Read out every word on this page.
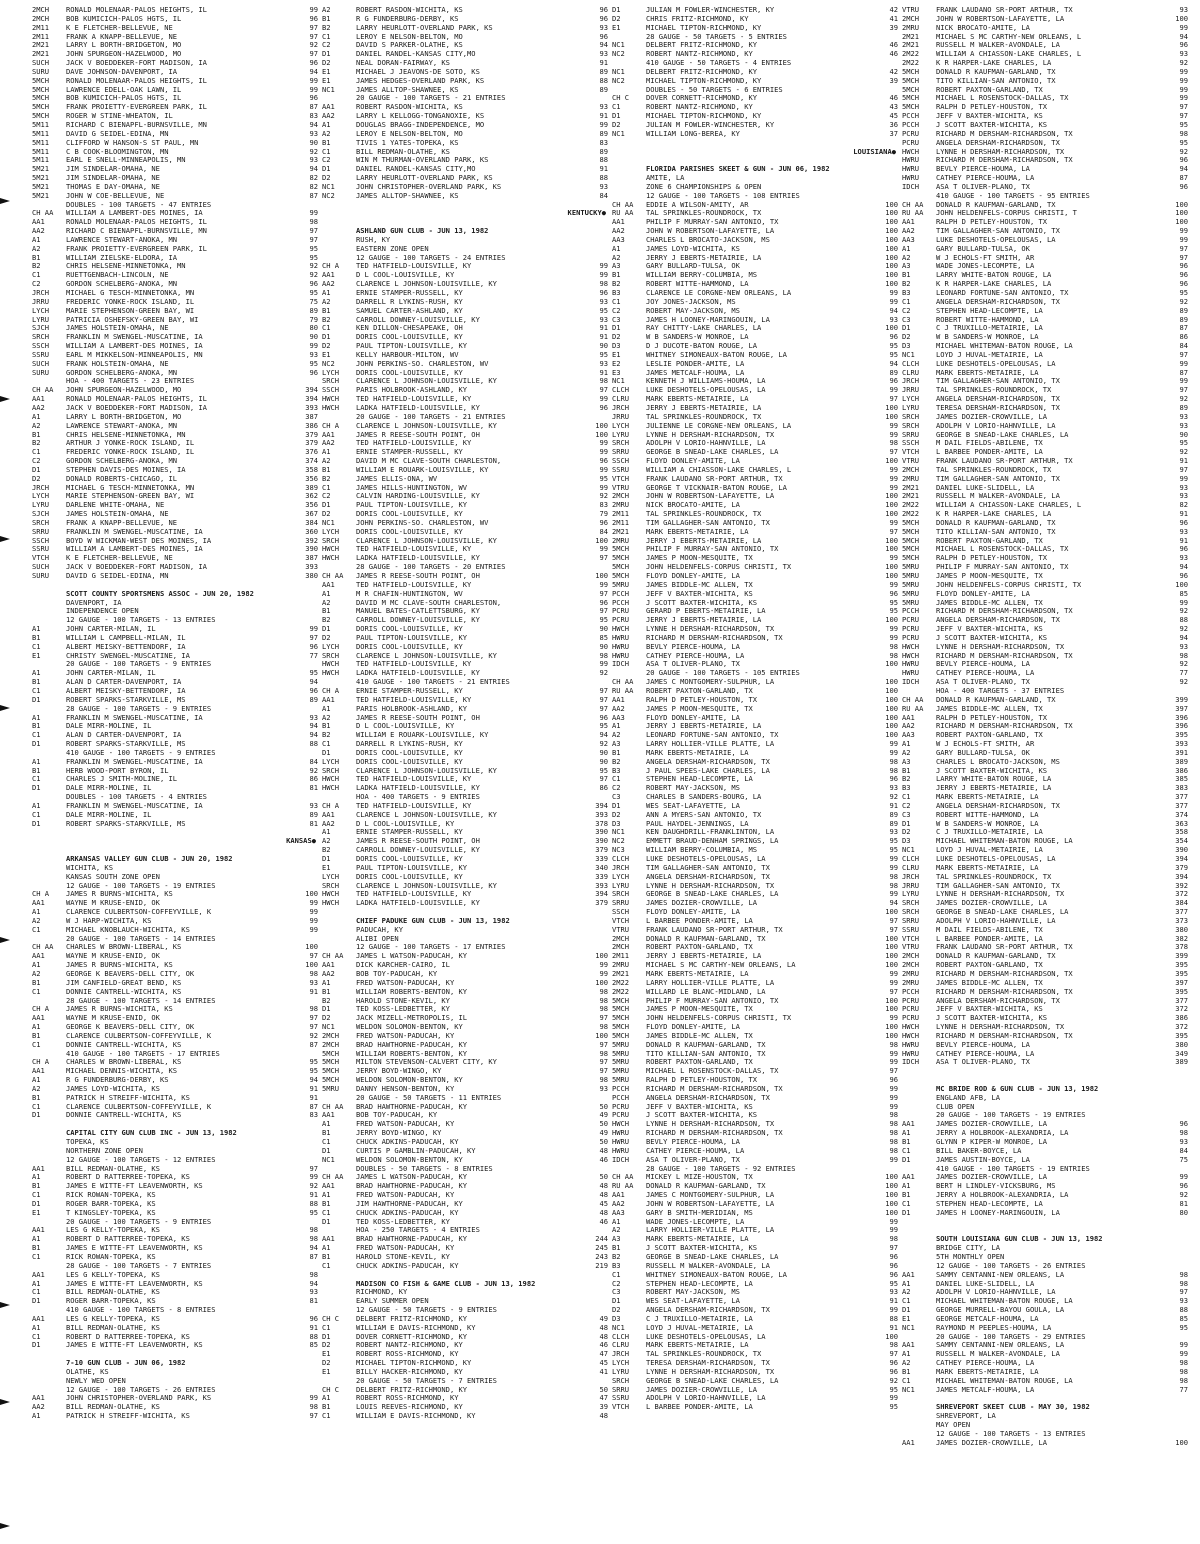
2MCH	RONALD MOLENAAR-PALOS HEIGHTS, IL	99
2MCH	BOB KUMICICH-PALOS HGTS, IL	96
2M11	K E FLETCHER-BELLEVUE, NE	97
2M11	FRANK A KNAPP-BELLEVUE, NE	97
2M21	LARRY L BORTH-BRIDGETON, MO	92
2M21	JOHN SPURGEON-HAZELWOOD, MO	97
SUCH	JACK V BOEDDEKER-FORT MADISON, IA	96
SURU	DAVE JOHNSON-DAVENPORT, IA	94
5MCH	RONALD MOLENAAR-PALOS HEIGHTS, IL	99
5MCH	LAWRENCE EDELL-OAK LAWN, IL	99
5MCH	BOB KUMICICH-PALOS HGTS, IL	96
5MCH	FRANK PROIETTY-EVERGREEN PARK, IL	87
5MCH	ROGER W STINE-WHEATON, IL	83
5M11	RICHARD C BIENAPFL-BURNSVILLE, MN	94
5M11	DAVID G SEIDEL-EDINA, MN	93
5M11	CLIFFORD W HANSON-S ST PAUL, MN	90
5M11	C B COOK-BLOOMINGTON, MN	92
5M11	EARL E SNELL-MINNEAPOLIS, MN	93
5M21	JIM SINDELAR-OMAHA, NE	94
5M21	JIM SINDELAR-OMAHA, NE	82
5M21	THOMAS E DAY-OMAHA, NE	82
5M21	JOHN W COE-BELLEVUE, NE	87
DOUBLES - 100 TARGETS - 47 ENTRIES
CH AA	WILLIAM A LAMBERT-DES MOINES, IA	99
AA1	RONALD MOLENAAR-PALOS HEIGHTS, IL	98
AA2	RICHARD C BIENAPFL-BURNSVILLE, MN	97
A1	LAWRENCE STEWART-ANOKA, MN	97
A2	FRANK PROIETTY-EVERGREEN PARK, IL	95
B1	WILLIAM ZIELSKE-ELDORA, IA	95
B2	CHRIS HELSENE-MINNETONKA, MN	92
C1	RUETTGENBACH-LINCOLN, NE	92
C2	GORDON SCHELBERG-ANOKA, MN	96
JRCH	MICHAEL G TESCH-MINNETONKA, MN	95
JRRU	FREDERIC YONKE-ROCK ISLAND, IL	75
LYCH	MARIE STEPHENSON-GREEN BAY, WI	89
LYRU	PATRICIA OSHEFSKY-GREEN BAY, WI	79
SJCH	JAMES HOLSTEIN-OMAHA, NE	80
SRCH	FRANKLIN M SWENGEL-MUSCATINE, IA	90
SSCH	WILLIAM A LAMBERT-DES MOINES, IA	99
SSRU	EARL M MIKKELSON-MINNEAPOLIS, MN	93
SUCH	FRANK HOLSTEIN-OMAHA, NE	95
SURU	GORDON SCHELBERG-ANOKA, MN	96
HOA - 400 TARGETS - 23 ENTRIES
CH AA	JOHN SPURGEON-HAZELWOOD, MO	394
AA1	RONALD MOLENAAR-PALOS HEIGHTS, IL	394
AA2	JACK V BOEDDEKER-FORT MADISON, IA	393
A1	LARRY L BORTH-BRIDGETON, MO	387
A2	LAWRENCE STEWART-ANOKA, MN	386
B1	CHRIS HELSENE-MINNETONKA, MN	379
B2	ARTHUR J YONKE-ROCK ISLAND, IL	379
C1	FREDERIC YONKE-ROCK ISLAND, IL	376
C2	GORDON SCHELBERG-ANOKA, MN	374
D1	STEPHEN DAVIS-DES MOINES, IA	358
D2	DONALD ROBERTS-CHICAGO, IL	356
JRCH	MICHAEL G TESCH-MINNETONKA, MN	389
LYCH	MARIE STEPHENSON-GREEN BAY, WI	362
LYRU	DARLENE WHITE-OMAHA, NE	356
SJCH	JAMES HOLSTEIN-OMAHA, NE	367
SRCH	FRANK A KNAPP-BELLEVUE, NE	384
SRRU	FRANKLIN M SWENGEL-MUSCATINE, IA	360
SSCH	BOYD W WICKMAN-WEST DES MOINES, IA	392
SSRU	WILLIAM A LAMBERT-DES MOINES, IA	390
VTCH	K E FLETCHER-BELLEVUE, NE	387
SUCH	JACK V BOEDDEKER-FORT MADISON, IA	393
SURU	DAVID G SEIDEL-EDINA, MN	380
SCOTT COUNTY SPORTSMENS ASSOC - JUN 20, 1982
DAVENPORT, IA
INDEPENDENCE OPEN
12 GAUGE - 100 TARGETS - 13 ENTRIES
A1	JOHN CARTER-MILAN, IL	99
B1	WILLIAM L CAMPBELL-MILAN, IL	97
C1	ALBERT MEISKY-BETTENDORF, IA	96
E1	CHRISTY SWENGEL-MUSCATINE, IA	77
20 GAUGE - 100 TARGETS - 9 ENTRIES
A1	JOHN CARTER-MILAN, IL	95
B1	ALAN D CARTER-DAVENPORT, IA	94
C1	ALBERT MEISKY-BETTENDORF, IA	96
D1	ROBERT SPARKS-STARKVILLE, MS	89
28 GAUGE - 100 TARGETS - 9 ENTRIES
A1	FRANKLIN M SWENGEL-MUSCATINE, IA	93
B1	DALE MIRR-MOLINE, IL	94
C1	ALAN D CARTER-DAVENPORT, IA	94
D1	ROBERT SPARKS-STARKVILLE, MS	88
410 GAUGE - 100 TARGETS - 9 ENTRIES
A1	FRANKLIN M SWENGEL-MUSCATINE, IA	84
B1	HERB WOOD-PORT BYRON, IL	92
C1	CHARLES J SMITH-MOLINE, IL	86
D1	DALE MIRR-MOLINE, IL	81
DOUBLES - 100 TARGETS - 4 ENTRIES
A1	FRANKLIN M SWENGEL-MUSCATINE, IA	93
C1	DALE MIRR-MOLINE, IL	89
D1	ROBERT SPARKS-STARKVILLE, MS	81
KANSAS ●
ARKANSAS VALLEY GUN CLUB - JUN 20, 1982
WICHITA, KS
KANSAS SOUTH ZONE OPEN
12 GAUGE - 100 TARGETS - 19 ENTRIES
CH A	JAMES R BURNS-WICHITA, KS	100
AA1	WAYNE M KRUSE-ENID, OK	99
A1	CLARENCE CULBERTSON-COFFEYVILLE, K	99
A2	W J HARP-WICHITA, KS	99
C1	MICHAEL KNOBLAUCH-WICHITA, KS	99
20 GAUGE - 100 TARGETS - 14 ENTRIES
CH AA	CHARLES W BROWN-LIBERAL, KS	100
AA1	WAYNE M KRUSE-ENID, OK	97
A1	JAMES R BURNS-WICHITA, KS	100
A2	GEORGE K BEAVERS-DELL CITY, OK	98
B1	JIM CANFIELD-GREAT BEND, KS	93
C1	DONNIE CANTRELL-WICHITA, KS	91
28 GAUGE - 100 TARGETS - 14 ENTRIES
CH A	JAMES R BURNS-WICHITA, KS	98
AA1	WAYNE M KRUSE-ENID, OK	97
A1	GEORGE K BEAVERS-DELL CITY, OK	97
B1	CLARENCE CULBERTSON-COFFEYVILLE, K	92
C1	DONNIE CANTRELL-WICHITA, KS	87
410 GAUGE - 100 TARGETS - 17 ENTRIES
CH A	CHARLES W BROWN-LIBERAL, KS	95
AA1	MICHAEL DENNIS-WICHITA, KS	95
A1	R G FUNDERBURG-DERBY, KS	94
A2	JAMES LOYD-WICHITA, KS	91
B1	PATRICK H STREIFF-WICHITA, KS	91
C1	CLARENCE CULBERTSON-COFFEYVILLE, K	87
D1	DONNIE CANTRELL-WICHITA, KS	83
CAPITAL CITY GUN CLUB INC - JUN 13, 1982
TOPEKA, KS
NORTHERN ZONE OPEN
12 GAUGE - 100 TARGETS - 12 ENTRIES
AA1	BILL REDMAN-OLATHE, KS	97
A1	ROBERT D RATTERREE-TOPEKA, KS	99
B1	JAMES E WITTE-FT LEAVENWORTH, KS	92
C1	RICK ROWAN-TOPEKA, KS	91
D1	ROGER BARR-TOPEKA, KS	88
E1	T KINGSLEY-TOPEKA, KS	95
20 GAUGE - 100 TARGETS - 9 ENTRIES
AA1	LES G KELLY-TOPEKA, KS	98
A1	ROBERT D RATTERREE-TOPEKA, KS	98
B1	JAMES E WITTE-FT LEAVENWORTH, KS	94
C1	RICK ROWAN-TOPEKA, KS	87
28 GAUGE - 100 TARGETS - 7 ENTRIES
AA1	LES G KELLY-TOPEKA, KS	98
A1	JAMES E WITTE-FT LEAVENWORTH, KS	94
C1	BILL REDMAN-OLATHE, KS	93
D1	ROGER BARR-TOPEKA, KS	81
410 GAUGE - 100 TARGETS - 8 ENTRIES
AA1	LES G KELLY-TOPEKA, KS	96
A1	BILL REDMAN-OLATHE, KS	91
C1	ROBERT D RATTERREE-TOPEKA, KS	88
D1	JAMES E WITTE-FT LEAVENWORTH, KS	85
7-10 GUN CLUB - JUN 06, 1982
OLATHE, KS
NEWLY WED OPEN
12 GAUGE - 100 TARGETS - 26 ENTRIES
AA1	JOHN CHRISTOPHER-OVERLAND PARK, KS	99
AA2	BILL REDMAN-OLATHE, KS	98
A1	PATRICK H STREIFF-WICHITA, KS	97
A2	ROBERT RASDON-WICHITA, KS	96
B1	R G FUNDERBURG-DERBY, KS	96
B2	LARRY HEURLOTT-OVERLAND PARK, KS	93
C1	LEROY E NELSON-BELTON, MO	96
C2	DAVID S PARKER-OLATHE, KS	94
D1	DANIEL RANDEL-KANSAS CITY,MO	93
D2	NEAL DORAN-FAIRWAY, KS	91
E1	MICHAEL J JEAVONS-DE SOTO, KS	89
E1	JAMES HEDGES-OVERLAND PARK, KS	88
NC1	JAMES ALLTOP-SHAWNEE, KS	89
20 GAUGE - 100 TARGETS - 21 ENTRIES
AA1	ROBERT RASDON-WICHITA, KS	93
AA2	LARRY L KELLOGG-TONGANOXIE, KS	91
A1	DOUGLAS BRAGG-INDEPENDENCE, MO	99
A2	LEROY E NELSON-BELTON, MO	89
B1	TIVIS 1 YATES-TOPEKA, KS	83
C1	BILL REDMAN-OLATHE, KS	89
C2	WIN M THURMAN-OVERLAND PARK, KS	88
D1	DANIEL RANDEL-KANSAS CITY,MO	91
D2	LARRY HEURLOTT-OVERLAND PARK, KS	88
NC1	JOHN CHRISTOPHER-OVERLAND PARK, KS	93
NC2	JAMES ALLTOP-SHAWNEE, KS	84
KENTUCKY ●
ASHLAND GUN CLUB - JUN 13, 1982
RUSH, KY
EASTERN ZONE OPEN
12 GAUGE - 100 TARGETS - 24 ENTRIES
CH A	TED HATFIELD-LOUISVILLE, KY	99
AA1	D L COOL-LOUISVILLE, KY	99
AA2	CLARENCE L JOHNSON-LOUISVILLE, KY	98
A1	ERNIE STAMPER-RUSSELL, KY	96
A2	DARRELL R LYKINS-RUSH, KY	93
B1	SAMUEL CARTER-ASHLAND, KY	95
B2	CARROLL DOWNEY-LOUISVILLE, KY	93
C1	KEN DILLON-CHESAPEAKE, OH	91
D1	DORIS COOL-LOUISVILLE, KY	91
D2	PAUL TIPTON-LOUISVILLE, KY	90
E1	KELLY HARBOUR-MILTON, WV	95
NC2	JOHN PERKINS-SO. CHARLESTON, WV	93
LYCH	DORIS COOL-LOUISVILLE, KY	91
SRCH	CLARENCE L JOHNSON-LOUISVILLE, KY	98
SSCH	PARIS HOLBROOK-ASHLAND, KY	97
HWCH	TED HATFIELD-LOUISVILLE, KY	99
HWCH	LADKA HATFIELD-LOUISVILLE, KY	96
20 GAUGE - 100 TARGETS - 21 ENTRIES
CH A	CLARENCE L JOHNSON-LOUISVILLE, KY	100
AA1	JAMES R REESE-SOUTH POINT, OH	100
AA2	TED HATFIELD-LOUISVILLE, KY	99
A1	ERNIE STAMPER-RUSSELL, KY	99
A2	DAVID M MC CLAVE-SOUTH CHARLESTON,	96
B1	WILLIAM E ROUARK-LOUISVILLE, KY	99
B2	JAMES ELLIS-ONA, WV	95
C1	JAMES HILLS-HUNTINGTON, WV	99
C2	CALVIN HARDING-LOUISVILLE, KY	92
D1	PAUL TIPTON-LOUISVILLE, KY	83
D2	DORIS COOL-LOUISVILLE, KY	79
NC1	JOHN PERKINS-SO. CHARLESTON, WV	96
LYCH	DORIS COOL-LOUISVILLE, KY	84
SRCH	CLARENCE L JOHNSON-LOUISVILLE, KY	100
HWCH	TED HATFIELD-LOUISVILLE, KY	99
HWCH	LADKA HATFIELD-LOUISVILLE, KY	97
28 GAUGE - 100 TARGETS - 20 ENTRIES
CH AA	JAMES R REESE-SOUTH POINT, OH	100
AA1	TED HATFIELD-LOUISVILLE, KY	99
A1	M R CHAFIN-HUNTINGTON, WV	97
A2	DAVID M MC CLAVE-SOUTH CHARLESTON,	96
B1	MANUEL BATES-CATLETTSBURG, KY	97
B2	CARROLL DOWNEY-LOUISVILLE, KY	95
D1	DORIS COOL-LOUISVILLE, KY	90
D2	PAUL TIPTON-LOUISVILLE, KY	85
LYCH	DORIS COOL-LOUISVILLE, KY	90
SRCH	CLARENCE L JOHNSON-LOUISVILLE, KY	98
HWCH	TED HATFIELD-LOUISVILLE, KY	99
HWCH	LADKA HATFIELD-LOUISVILLE, KY	92
410 GAUGE - 100 TARGETS - 21 ENTRIES
CH A	ERNIE STAMPER-RUSSELL, KY	97
AA1	TED HATFIELD-LOUISVILLE, KY	97
A1	PARIS HOLBROOK-ASHLAND, KY	97
A2	JAMES R REESE-SOUTH POINT, OH	96
B1	D L COOL-LOUISVILLE, KY	95
B2	WILLIAM E ROUARK-LOUISVILLE, KY	94
C1	DARRELL R LYKINS-RUSH, KY	92
D1	DORIS COOL-LOUISVILLE, KY	90
LYCH	DORIS COOL-LOUISVILLE, KY	90
SRCH	CLARENCE L JOHNSON-LOUISVILLE, KY	95
HWCH	TED HATFIELD-LOUISVILLE, KY	97
HWCH	LADKA HATFIELD-LOUISVILLE, KY	86
HOA - 400 TARGETS - 9 ENTRIES
CH A	TED HATFIELD-LOUISVILLE, KY	394
AA1	CLARENCE L JOHNSON-LOUISVILLE, KY	393
AA2	D L COOL-LOUISVILLE, KY	378
A1	ERNIE STAMPER-RUSSELL, KY	390
A2	JAMES R REESE-SOUTH POINT, OH	390
B2	CARROLL DOWNEY-LOUISVILLE, KY	379
D1	DORIS COOL-LOUISVILLE, KY	339
E1	PAUL TIPTON-LOUISVILLE, KY	340
LYCH	DORIS COOL-LOUISVILLE, KY	339
SRCH	CLARENCE L JOHNSON-LOUISVILLE, KY	393
HWCH	TED HATFIELD-LOUISVILLE, KY	394
HWCH	LADKA HATFIELD-LOUISVILLE, KY	379
CHIEF PADUKE GUN CLUB - JUN 13, 1982
PADUCAH, KY
ALIBI OPEN
12 GAUGE - 100 TARGETS - 17 ENTRIES
CH AA	JAMES L WATSON-PADUCAH, KY	100
AA1	DICK KARCHER-CAIRO, IL	99
AA2	BOB TOY-PADUCAH, KY	99
A1	FRED WATSON-PADUCAH, KY	100
B1	WILLIAM ROBERTS-BENTON, KY	98
B2	HAROLD STONE-KEVIL, KY	98
D1	TED KOSS-LEDBETTER, KY	98
D2	JACK MIZELL-METROPOLIS, IL	97
NC1	WELDON SOLOMON-BENTON, KY	98
2MCH	FRED WATSON-PADUCAH, KY	100
2MCH	BRAD HAWTHORNE-PADUCAH, KY	97
5MCH	WILLIAM ROBERTS-BENTON, KY	98
5MCH	MILTON STEVENSON-CALVERT CITY, KY	97
5MCH	JERRY BOYD-WINGO, KY	97
5MCH	WELDON SOLOMON-BENTON, KY	98
5MRU	DANNY HENSON-BENTON, KY	93
20 GAUGE - 50 TARGETS - 11 ENTRIES
CH AA	BRAD HAWTHORNE-PADUCAH, KY	50
AA1	BOB TOY-PADUCAH, KY	49
A1	FRED WATSON-PADUCAH, KY	50
B1	JERRY BOYD-WINGO, KY	49
C1	CHUCK ADKINS-PADUCAH, KY	50
D1	CURTIS P GAMBLIN-PADUCAH, KY	48
NC1	WELDON SOLOMON-BENTON, KY	46
DOUBLES - 50 TARGETS - 8 ENTRIES
CH AA	JAMES L WATSON-PADUCAH, KY	50
AA1	BRAD HAWTHORNE-PADUCAH, KY	48
A1	FRED WATSON-PADUCAH, KY	48
B1	JIM HAWTHORNE-PADUCAH, KY	45
C1	CHUCK ADKINS-PADUCAH, KY	48
D1	TED KOSS-LEDBETTER, KY	46
HOA - 250 TARGETS - 4 ENTRIES
AA1	BRAD HAWTHORNE-PADUCAH, KY	244
A1	FRED WATSON-PADUCAH, KY	245
B1	HAROLD STONE-KEVIL, KY	243
C1	CHUCK ADKINS-PADUCAH, KY	219
MADISON CO FISH & GAME CLUB - JUN 13, 1982
RICHMOND, KY
EARLY SUMMER OPEN
12 GAUGE - 50 TARGETS - 9 ENTRIES
CH C	DELBERT FRITZ-RICHMOND, KY	49
C1	WILLIAM E DAVIS-RICHMOND, KY	48
D1	DOVER CORNETT-RICHMOND, KY	48
D2	ROBERT NANTZ-RICHMOND, KY	46
E1	ROBERT ROSS-RICHMOND, KY	47
D2	MICHAEL TIPTON-RICHMOND, KY	45
E1	BILLY HACKER-RICHMOND, KY	41
20 GAUGE - 50 TARGETS - 7 ENTRIES
CH C	DELBERT FRITZ-RICHMOND, KY	50
A1	ROBERT ROSS-RICHMOND, KY	47
B1	LOUIS REEVES-RICHMOND, KY	39
C1	WILLIAM E DAVIS-RICHMOND, KY	48
D1	JULIAN M FOWLER-WINCHESTER, KY	42
D2	CHRIS FRITZ-RICHMOND, KY	41
E1	MICHAEL TIPTON-RICHMOND, KY	39
28 GAUGE - 50 TARGETS - 5 ENTRIES
NC1	DELBERT FRITZ-RICHMOND, KY	46
NC2	ROBERT NANTZ-RICHMOND, KY	46
410 GAUGE - 50 TARGETS - 4 ENTRIES
NC1	DELBERT FRITZ-RICHMOND, KY	42
NC2	MICHAEL TIPTON-RICHMOND, KY	39
DOUBLES - 50 TARGETS - 6 ENTRIES
CH C	DOVER CORNETT-RICHMOND, KY	46
C1	ROBERT NANTZ-RICHMOND, KY	43
D1	MICHAEL TIPTON-RICHMOND, KY	45
D2	JULIAN M FOWLER-WINCHESTER, KY	36
NC1	WILLIAM LONG-BEREA, KY	37
LOUISIANA ●
FLORIDA PARISHES SKEET & GUN - JUN 06, 1982
AMITE, LA
ZONE 6 CHAMPIONSHIPS & OPEN
12 GAUGE - 100 TARGETS - 108 ENTRIES
CH AA	EDDIE A WILSON-AMITY, AR	100
RU AA	TAL SPRINKLES-ROUNDROCK, TX	100
AA1	PHILIP F MURRAY-SAN ANTONIO, TX	100
AA2	JOHN W ROBERTSON-LAFAYETTE, LA	100
AA3	CHARLES L BROCATO-JACKSON, MS	100
A1	JAMES LOYD-WICHITA, KS	100
A2	JERRY J EBERTS-METAIRIE, LA	100
A3	GARY BULLARD-TULSA, OK	100
B1	WILLIAM BERRY-COLUMBIA, MS	100
B2	ROBERT WITTE-HAMMOND, LA	100
B3	CLARENCE LE CORGNE-NEW ORLEANS, LA	99
C1	JOY JONES-JACKSON, MS	99
C2	ROBERT MAY-JACKSON, MS	94
C3	JAMES H LOONEY-MARINGOUIN, LA	93
D1	RAY CHITTY-LAKE CHARLES, LA	100
D2	W B SANDERS-W MONROE, LA	96
D3	D J DUCOTE-BATON ROUGE, LA	95
E1	WHITNEY SIMONEAUX-BATON ROUGE, LA	95
E2	LESLIE PONDER-AMITE, LA	94
E3	JAMES METCALF-HOUMA, LA	89
NC1	KENNETH J WILLIAMS-HOUMA, LA	96
CLCH	LUKE DESHOTELS-OPELOUSAS, LA	99
CLRU	MARK EBERTS-METAIRIE, LA	97
JRCH	JERRY J EBERTS-METAIRIE, LA	100
JRRU	TAL SPRINKLES-ROUNDROCK, TX	100
LYCH	JULIENNE LE CORGNE-NEW ORLEANS, LA	99
LYRU	LYNNE H DERSHAM-RICHARDSON, TX	99
SRCH	ADOLPH V LORIO-HAHNVILLE, LA	98
SRRU	GEORGE B SNEAD-LAKE CHARLES, LA	97
SSCH	FLOYD DONLEY-AMITE, LA	100
SSRU	WILLIAM A CHIASSON-LAKE CHARLES, L	99
VTCH	FRANK LAUDANO SR-PORT ARTHUR, TX	99
VTRU	GEORGE T VICKNAIR-BATON ROUGE, LA	99
2MCH	JOHN W ROBERTSON-LAFAYETTE, LA	100
2MRU	NICK BROCATO-AMITE, LA	100
2M11	TAL SPRINKLES-ROUNDROCK, TX	100
2M11	TIM GALLAGHER-SAN ANTONIO, TX	99
2M21	MARK EBERTS-METAIRIE, LA	97
2MRU	JERRY J EBERTS-METAIRIE, LA	100
5MCH	PHILIP F MURRAY-SAN ANTONIO, TX	100
5MCH	JAMES P MOON-MESQUITE, TX	99
5MCH	JOHN HELDENFELS-CORPUS CHRISTI, TX	100
5MCH	FLOYD DONLEY-AMITE, LA	100
5MRU	JAMES BIDDLE-MC ALLEN, TX	99
PCCH	JEFF V BAXTER-WICHITA, KS	96
PCCH	J SCOTT BAXTER-WICHITA, KS	95
PCRU	GERARD P EBERTS-METAIRIE, LA	95
PCRU	JERRY J EBERTS-METAIRIE, LA	100
HWCH	LYNNE H DERSHAM-RICHARDSON, TX	99
HWRU	RICHARD M DERSHAM-RICHARDSON, TX	99
HWRU	BEVLY PIERCE-HOUMA, LA	98
HWRU	CATHEY PIERCE-HOUMA, LA	98
IDCH	ASA T OLIVER-PLANO, TX	100
20 GAUGE - 100 TARGETS - 105 ENTRIES
CH AA	JAMES C MONTGOMERY-SULPHUR, LA	100
RU AA	ROBERT PAXTON-GARLAND, TX	100
AA1	RALPH D PETLEY-HOUSTON, TX	100
AA2	JAMES P MOON-MESQUITE, TX	100
AA3	FLOYD DONLEY-AMITE, LA	100
A1	JERRY J EBERTS-METAIRIE, LA	100
A2	LEONARD FORTUNE-SAN ANTONIO, TX	100
A3	LARRY HOLLIER-VILLE PLATTE, LA	99
B1	MARK EBERTS-METAIRIE, LA	99
B2	ANGELA DERSHAM-RICHARDSON, TX	98
B3	J PAUL SPEES-LAKE CHARLES, LA	98
C1	STEPHEN HEAD-LECOMPTE, LA	96
C2	ROBERT MAY-JACKSON, MS	93
C3	CHARLES B SANDERS-BOURG, LA	92
D1	WES SEAT-LAFAYETTE, LA	91
D2	ANN A MYERS-SAN ANTONIO, TX	89
D3	PAUL HAYDEL-JENNINGS, LA	89
NC1	KEN DAUGHDRILL-FRANKLINTON, LA	93
NC2	EMMETT BRAUD-DENHAM SPRINGS, LA	95
NC3	WILLIAM BERRY-COLUMBIA, MS	95
CLCH	LUKE DESHOTELS-OPELOUSAS, LA	99
JRCH	TIM GALLAGHER-SAN ANTONIO, TX	99
LYCH	ANGELA DERSHAM-RICHARDSON, TX	98
LYRU	LYNNE H DERSHAM-RICHARDSON, TX	98
SRCH	GEORGE B SNEAD-LAKE CHARLES, LA	99
SRRU	JAMES DOZIER-CROWVILLE, LA	94
SSCH	FLOYD DONLEY-AMITE, LA	100
VTCH	L BARBEE PONDER-AMITE, LA	97
VTRU	FRANK LAUDANO SR-PORT ARTHUR, TX	97
2MCH	DONALD R KAUFMAN-GARLAND, TX	100
2MCH	ROBERT PAXTON-GARLAND, TX	100
2M11	JERRY J EBERTS-METAIRIE, LA	100
2MRU	MICHAEL S MC CARTHY-NEW ORLEANS, LA	100
2M21	MARK EBERTS-METAIRIE, LA	99
2M22	LARRY HOLLIER-VILLE PLATTE, LA	99
2M22	WILLARD LE BLANC-MIDLAND, LA	97
5MCH	PHILIP F MURRAY-SAN ANTONIO, TX	100
5MCH	JAMES P MOON-MESQUITE, TX	100
5MCH	JOHN HELDENFELS-CORPUS CHRISTI, TX	99
5MCH	FLOYD DONLEY-AMITE, LA	100
5MCH	JAMES BIDDLE-MC ALLEN, TX	100
5MRU	DONALD R KAUFMAN-GARLAND, TX	98
5MRU	TITO KILLIAN-SAN ANTONIO, TX	99
5MRU	ROBERT PAXTON-GARLAND, TX	99
5MRU	MICHAEL L ROSENSTOCK-DALLAS, TX	97
5MRU	RALPH D PETLEY-HOUSTON, TX	96
PCCH	RICHARD M DERSHAM-RICHARDSON, TX	99
PCCH	ANGELA DERSHAM-RICHARDSON, TX	99
PCRU	JEFF V BAXTER-WICHITA, KS	99
PCRU	J SCOTT BAXTER-WICHITA, KS	98
HWCH	LYNNE H DERSHAM-RICHARDSON, TX	98
HWRU	RICHARD M DERSHAM-RICHARDSON, TX	98
HWRU	BEVLY PIERCE-HOUMA, LA	98
HWRU	CATHEY PIERCE-HOUMA, LA	98
IDCH	ASA T OLIVER-PLANO, TX	99
28 GAUGE - 100 TARGETS - 92 ENTRIES
CH AA	MICKEY L MIZE-HOUSTON, TX	100
RU AA	DONALD R KAUFMAN-GARLAND, TX	100
AA1	JAMES C MONTGOMERY-SULPHUR, LA	100
AA2	JOHN W ROBERTSON-LAFAYETTE, LA	100
AA3	GARY B SMITH-MERIDIAN, MS	100
A1	WADE JONES-LECOMPTE, LA	99
A2	LARRY HOLLIER-VILLE PLATTE, LA	99
A3	MARK EBERTS-METAIRIE, LA	98
B1	J SCOTT BAXTER-WICHITA, KS	97
B2	GEORGE B SNEAD-LAKE CHARLES, LA	96
B3	RUSSELL M WALKER-AVONDALE, LA	96
C1	WHITNEY SIMONEAUX-BATON ROUGE, LA	96
C2	STEPHEN HEAD-LECOMPTE, LA	95
C3	ROBERT MAY-JACKSON, MS	93
D1	WES SEAT-LAFAYETTE, LA	91
D2	ANGELA DERSHAM-RICHARDSON, TX	99
D3	C J TRUXILLO-METAIRIE, LA	88
NC1	LOYD J HUVAL-METAIRIE, LA	91
CLCH	LUKE DESHOTELS-OPELOUSAS, LA	100
CLRU	MARK EBERTS-METAIRIE, LA	98
JRCH	TAL SPRINKLES-ROUNDROCK, TX	97
LYCH	TERESA DERSHAM-RICHARDSON, TX	96
LYRU	LYNNE H DERSHAM-RICHARDSON, TX	96
SRCH	GEORGE B SNEAD-LAKE CHARLES, LA	92
SRRU	JAMES DOZIER-CROWVILLE, LA	95
SSRU	ADOLPH V LORIO-HAHNVILLE, LA	99
VTCH	L BARBEE PONDER-AMITE, LA	95
VTRU	FRANK LAUDANO SR-PORT ARTHUR, TX	93
2MCH	JOHN W ROBERTSON-LAFAYETTE, LA	100
2MRU	NICK BROCATO-AMITE, LA	99
2M21	MICHAEL S MC CARTHY-NEW ORLEANS, L	94
2M21	RUSSELL M WALKER-AVONDALE, LA	96
2M22	WILLIAM A CHIASSON-LAKE CHARLES, L	93
2M22	K R HARPER-LAKE CHARLES, LA	92
5MCH	DONALD R KAUFMAN-GARLAND, TX	99
5MCH	TITO KILLIAN-SAN ANTONIO, TX	99
5MCH	ROBERT PAXTON-GARLAND, TX	99
5MCH	MICHAEL L ROSENSTOCK-DALLAS, TX	99
5MCH	RALPH D PETLEY-HOUSTON, TX	97
PCCH	JEFF V BAXTER-WICHITA, KS	97
PCCH	J SCOTT BAXTER-WICHITA, KS	95
PCRU	RICHARD M DERSHAM-RICHARDSON, TX	98
PCRU	ANGELA DERSHAM-RICHARDSON, TX	95
HWCH	LYNNE H DERSHAM-RICHARDSON, TX	92
HWRU	RICHARD M DERSHAM-RICHARDSON, TX	96
HWRU	BEVLY PIERCE-HOUMA, LA	94
HWRU	CATHEY PIERCE-HOUMA, LA	87
IDCH	ASA T OLIVER-PLANO, TX	96
410 GAUGE - 100 TARGETS - 95 ENTRIES
CH AA	DONALD R KAUFMAN-GARLAND, TX	100
RU AA	JOHN HELDENFELS-CORPUS CHRISTI, T	100
AA1	RALPH D PETLEY-HOUSTON, TX	100
AA2	TIM GALLAGHER-SAN ANTONIO, TX	99
AA3	LUKE DESHOTELS-OPELOUSAS, LA	99
A1	GARY BULLARD-TULSA, OK	97
A2	W J ECHOLS-FT SMITH, AR	97
A3	WADE JONES-LECOMPTE, LA	96
B1	LARRY WHITE-BATON ROUGE, LA	96
B2	K R HARPER-LAKE CHARLES, LA	96
B3	LEONARD FORTUNE-SAN ANTONIO, TX	95
C1	ANGELA DERSHAM-RICHARDSON, TX	92
C2	STEPHEN HEAD-LECOMPTE, LA	89
C3	ROBERT WITTE-HAMMOND, LA	89
D1	C J TRUXILLO-METAIRIE, LA	87
D2	W B SANDERS-W MONROE, LA	86
D3	MICHAEL WHITEMAN-BATON ROUGE, LA	84
NC1	LOYD J HUVAL-METAIRIE, LA	97
CLCH	LUKE DESHOTELS-OPELOUSAS, LA	99
CLRU	MARK EBERTS-METAIRIE, LA	87
JRCH	TIM GALLAGHER-SAN ANTONIO, TX	99
JRRU	TAL SPRINKLES-ROUNDROCK, TX	97
LYCH	ANGELA DERSHAM-RICHARDSON, TX	92
LYRU	TERESA DERSHAM-RICHARDSON, TX	89
SRCH	JAMES DOZIER-CROWVILLE, LA	93
SRCH	ADOLPH V LORIO-HAHNVILLE, LA	93
SRRU	GEORGE B SNEAD-LAKE CHARLES, LA	90
SSCH	M DAIL FIELDS-ABILENE, TX	95
VTCH	L BARBEE PONDER-AMITE, LA	92
VTRU	FRANK LAUDANO SR-PORT ARTHUR, TX	91
2MCH	TAL SPRINKLES-ROUNDROCK, TX	97
2MRU	TIM GALLAGHER-SAN ANTONIO, TX	99
2M21	DANIEL LUKE-SLIDELL, LA	93
2M21	RUSSELL M WALKER-AVONDALE, LA	93
2M22	WILLIAM A CHIASSON-LAKE CHARLES, L	82
2M22	K R HARPER-LAKE CHARLES, LA	91
5MCH	DONALD R KAUFMAN-GARLAND, TX	96
5MCH	TITO KILLIAN-SAN ANTONIO, TX	93
5MCH	ROBERT PAXTON-GARLAND, TX	91
5MCH	MICHAEL L ROSENSTOCK-DALLAS, TX	96
5MCH	RALPH D PETLEY-HOUSTON, TX	93
5MRU	PHILIP F MURRAY-SAN ANTONIO, TX	94
5MRU	JAMES P MOON-MESQUITE, TX	96
5MRU	JOHN HELDENFELS-CORPUS CHRISTI, TX	100
5MRU	FLOYD DONLEY-AMITE, LA	85
5MRU	JAMES BIDDLE-MC ALLEN, TX	99
PCCH	RICHARD M DERSHAM-RICHARDSON, TX	92
PCRU	ANGELA DERSHAM-RICHARDSON, TX	88
PCRU	JEFF V BAXTER-WICHITA, KS	92
PCRU	J SCOTT BAXTER-WICHITA, KS	94
HWCH	LYNNE H DERSHAM-RICHARDSON, TX	93
HWCH	RICHARD M DERSHAM-RICHARDSON, TX	98
HWRU	BEVLY PIERCE-HOUMA, LA	92
HWRU	CATHEY PIERCE-HOUMA, LA	77
IDCH	ASA T OLIVER-PLANO, TX	92
HOA - 400 TARGETS - 37 ENTRIES
CH AA	DONALD R KAUFMAN-GARLAND, TX	399
RU AA	JAMES BIDDLE-MC ALLEN, TX	397
AA1	RALPH D PETLEY-HOUSTON, TX	396
AA2	RICHARD M DERSHAM-RICHARDSON, TX	396
AA3	ROBERT PAXTON-GARLAND, TX	395
A1	W J ECHOLS-FT SMITH, AR	393
A2	GARY BULLARD-TULSA, OK	391
A3	CHARLES L BROCATO-JACKSON, MS	389
B1	J SCOTT BAXTER-WICHITA, KS	386
B2	LARRY WHITE-BATON ROUGE, LA	385
B3	JERRY J EBERTS-METAIRIE, LA	383
C1	MARK EBERTS-METAIRIE, LA	377
C2	ANGELA DERSHAM-RICHARDSON, TX	377
C3	ROBERT WITTE-HAMMOND, LA	374
D1	W B SANDERS-W MONROE, LA	363
D2	C J TRUXILLO-METAIRIE, LA	358
D3	MICHAEL WHITEMAN-BATON ROUGE, LA	354
NC1	LOYD J HUVAL-METAIRIE, LA	390
CLCH	LUKE DESHOTELS-OPELOUSAS, LA	394
CLRU	MARK EBERTS-METAIRIE, LA	379
JRCH	TAL SPRINKLES-ROUNDROCK, TX	394
JRRU	TIM GALLAGHER-SAN ANTONIO, TX	392
LYRU	LYNNE H DERSHAM-RICHARDSON, TX	372
SRCH	JAMES DOZIER-CROWVILLE, LA	384
SRCH	GEORGE B SNEAD-LAKE CHARLES, LA	377
SRRU	ADOLPH V LORIO-HAHNVILLE, LA	373
SSRU	M DAIL FIELDS-ABILENE, TX	380
VTCH	L BARBEE PONDER-AMITE, LA	382
VTRU	FRANK LAUDANO SR-PORT ARTHUR, TX	378
2MCH	DONALD R KAUFMAN-GARLAND, TX	399
2MCH	ROBERT PAXTON-GARLAND, TX	395
2MRU	RICHARD M DERSHAM-RICHARDSON, TX	395
2MRU	JAMES BIDDLE-MC ALLEN, TX	397
PCCH	RICHARD M DERSHAM-RICHARDSON, TX	395
PCRU	ANGELA DERSHAM-RICHARDSON, TX	377
PCRU	JEFF V BAXTER-WICHITA, KS	372
PCRU	J SCOTT BAXTER-WICHITA, KS	386
HWCH	LYNNE H DERSHAM-RICHARDSON, TX	372
HWCH	RICHARD M DERSHAM-RICHARDSON, TX	395
HWRU	BEVLY PIERCE-HOUMA, LA	380
HWRU	CATHEY PIERCE-HOUMA, LA	349
IDCH	ASA T OLIVER-PLANO, TX	389
MC BRIDE ROD & GUN CLUB - JUN 13, 1982
ENGLAND AFB, LA
CLUB OPEN
20 GAUGE - 100 TARGETS - 19 ENTRIES
AA1	JAMES DOZIER-CROWVILLE, LA	96
A1	JERRY A HOLBROOK-ALEXANDRIA, LA	98
B1	GLYNN P KIPER-W MONROE, LA	93
C1	BILL BAKER-BOYCE, LA	84
D1	JAMES AUSTIN-BOYCE, LA	75
410 GAUGE - 100 TARGETS - 19 ENTRIES
AA1	JAMES DOZIER-CROWVILLE, LA	99
A1	BERT H LINDLEY-VICKSBURG, MS	96
B1	JERRY A HOLBROOK-ALEXANDRIA, LA	92
C1	STEPHEN HEAD-LECOMPTE, LA	81
D1	JAMES H LOONEY-MARINGOUIN, LA	80
SOUTH LOUISIANA GUN CLUB - JUN 13, 1982
BRIDGE CITY, LA
5TH MONTHLY OPEN
12 GAUGE - 100 TARGETS - 26 ENTRIES
AA1	SAMMY CENTANNI-NEW ORLEANS, LA	98
A1	DANIEL LUKE-SLIDELL, LA	98
A2	ADOLPH V LORIO-HAHNVILLE, LA	97
C1	MICHAEL WHITEMAN-BATON ROUGE, LA	93
D1	GEORGE MURRELL-BAYOU GOULA, LA	88
E1	GEORGE METCALF-HOUMA, LA	85
NC1	RAYMOND M PEEPLES-HOUMA, LA	95
20 GAUGE - 100 TARGETS - 29 ENTRIES
AA1	SAMMY CENTANNI-NEW ORLEANS, LA	99
A1	RUSSELL M WALKER-AVONDALE, LA	99
A2	CATHEY PIERCE-HOUMA, LA	98
B1	MARK EBERTS-METAIRIE, LA	98
C1	MICHAEL WHITEMAN-BATON ROUGE, LA	98
NC1	JAMES METCALF-HOUMA, LA	77
SHREVEPORT SKEET CLUB - MAY 30, 1982
SHREVEPORT, LA
MAY OPEN
12 GAUGE - 100 TARGETS - 13 ENTRIES
AA1	JAMES DOZIER-CROWVILLE, LA	100
